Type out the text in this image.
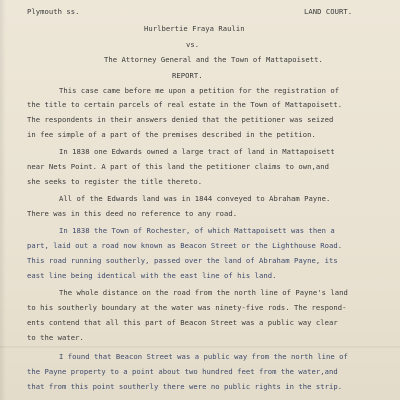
Plymouth ss.	LAND COURT.
Hurlbertie Fraya Raulin
vs.
The Attorney General and the Town of Mattapoisett.
REPORT.
This case came before me upon a petition for the registration of
the title to certain parcels of real estate in the Town of Mattapoisett.
The respondents in their answers denied that the petitioner was seized
in fee simple of a part of the premises described in the petition.
In 1838 one Edwards owned a large tract of land in Mattapoisett
near Nets Point. A part of this land the petitioner claims to own,and
she seeks to register the title thereto.
All of the Edwards land was in 1844 conveyed to Abraham Payne.
There was in this deed no reference to any road.
In 1838 the Town of Rochester, of which Mattapoisett was then a
part, laid out a road now known as Beacon Street or the Lighthouse Road.
This road running southerly, passed over the land of Abraham Payne, its
east line being identical with the east line of his land.
The whole distance on the road from the north line of Payne's land
to his southerly boundary at the water was ninety-five rods. The respond-
ents contend that all this part of Beacon Street was a public way clear
to the water.
I found that Beacon Street was a public way from the north line of
the Payne property to a point about two hundred feet from the water,and
that from this point southerly there were no public rights in the strip.
